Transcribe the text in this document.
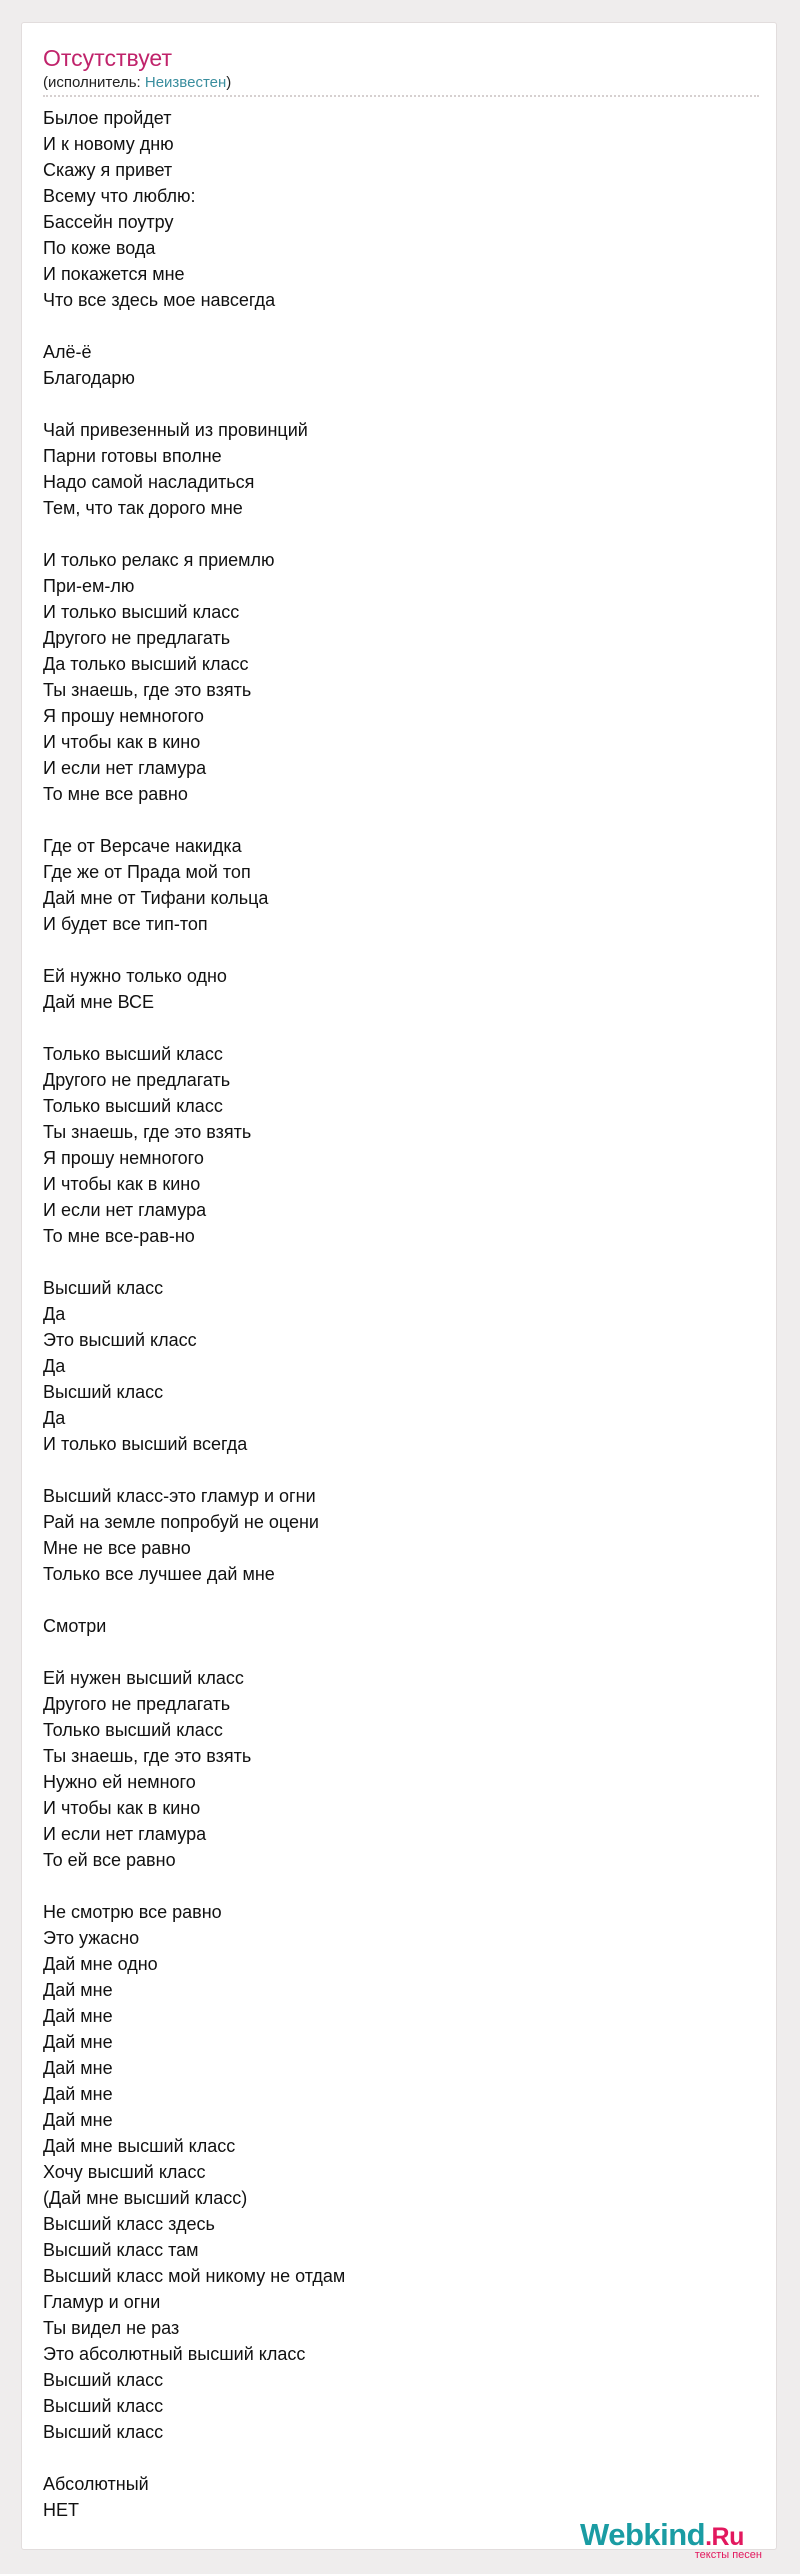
Отсутствует
(исполнитель: Неизвестен)
Былое пройдет
И к новому дню
Скажу я привет
Всему что люблю:
Бассейн поутру
По коже вода
И покажется мне
Что все здесь мое навсегда
Алё-ё
Благодарю
Чай привезенный из провинций
Парни готовы вполне
Надо самой насладиться
Тем, что так дорого мне
И только релакс я приемлю
При-ем-лю
И только высший класс
Другого не предлагать
Да только высший класс
Ты знаешь, где это взять
Я прошу немногого
И чтобы как в кино
И если нет гламура
То мне все равно
Где от Версаче накидка
Где же от Прада мой топ
Дай мне от Тифани кольца
И будет все тип-топ
Ей нужно только одно
Дай мне ВСЕ
Только высший класс
Другого не предлагать
Только высший класс
Ты знаешь, где это взять
Я прошу немногого
И чтобы как в кино
И если нет гламура
То мне все-рав-но
Высший класс
Да
Это высший класс
Да
Высший класс
Да
И только высший всегда
Высший класс-это гламур и огни
Рай на земле попробуй не оцени
Мне не все равно
Только все лучшее дай мне
Смотри
Ей нужен высший класс
Другого не предлагать
Только высший класс
Ты знаешь, где это взять
Нужно ей немного
И чтобы как в кино
И если нет гламура
То ей все равно
Не смотрю все равно
Это ужасно
Дай мне одно
Дай мне
Дай мне
Дай мне
Дай мне
Дай мне
Дай мне
Дай мне высший класс
Хочу высший класс
(Дай мне высший класс)
Высший класс здесь
Высший класс там
Высший класс мой никому не отдам
Гламур и огни
Ты видел не раз
Это абсолютный высший класс
Высший класс
Высший класс
Высший класс
Абсолютный
НЕТ
Webkind.Ru
тексты песен
